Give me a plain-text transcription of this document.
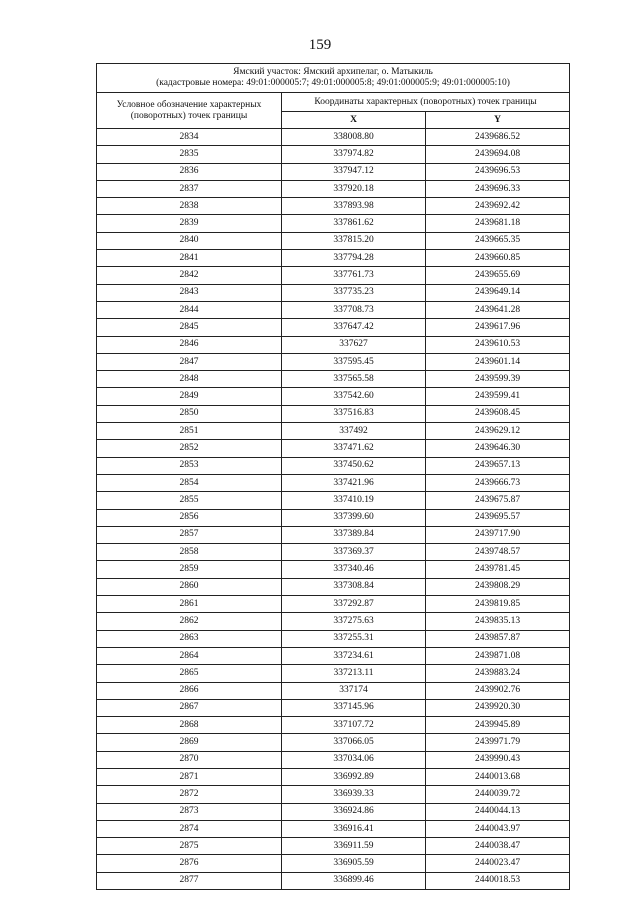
159
Ямский участок: Ямский архипелаг, о. Матыкиль
(кадастровые номера: 49:01:000005:7; 49:01:000005:8; 49:01:000005:9; 49:01:000005:10)		

Условное обозначение характерных (поворотных) точек границы	Координаты характерных (поворотных) точек границы	
	X	Y
2834	338008.80	2439686.52
2835	337974.82	2439694.08
2836	337947.12	2439696.53
2837	337920.18	2439696.33
2838	337893.98	2439692.42
2839	337861.62	2439681.18
2840	337815.20	2439665.35
2841	337794.28	2439660.85
2842	337761.73	2439655.69
2843	337735.23	2439649.14
2844	337708.73	2439641.28
2845	337647.42	2439617.96
2846	337627	2439610.53
2847	337595.45	2439601.14
2848	337565.58	2439599.39
2849	337542.60	2439599.41
2850	337516.83	2439608.45
2851	337492	2439629.12
2852	337471.62	2439646.30
2853	337450.62	2439657.13
2854	337421.96	2439666.73
2855	337410.19	2439675.87
2856	337399.60	2439695.57
2857	337389.84	2439717.90
2858	337369.37	2439748.57
2859	337340.46	2439781.45
2860	337308.84	2439808.29
2861	337292.87	2439819.85
2862	337275.63	2439835.13
2863	337255.31	2439857.87
2864	337234.61	2439871.08
2865	337213.11	2439883.24
2866	337174	2439902.76
2867	337145.96	2439920.30
2868	337107.72	2439945.89
2869	337066.05	2439971.79
2870	337034.06	2439990.43
2871	336992.89	2440013.68
2872	336939.33	2440039.72
2873	336924.86	2440044.13
2874	336916.41	2440043.97
2875	336911.59	2440038.47
2876	336905.59	2440023.47
2877	336899.46	2440018.53
